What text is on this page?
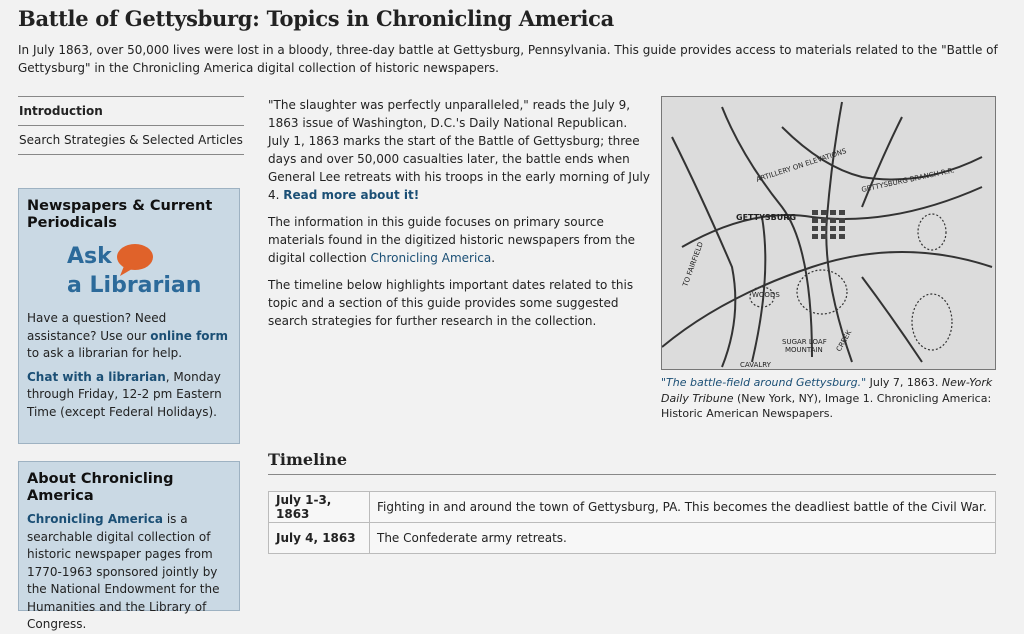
Battle of Gettysburg: Topics in Chronicling America

In July 1863, over 50,000 lives were lost in a bloody, three-day battle at Gettysburg, Pennsylvania. This guide provides access to materials related to the "Battle of Gettysburg" in the Chronicling America digital collection of historic newspapers.

Introduction
Search Strategies & Selected Articles
Newspapers & Current Periodicals
Ask
a Librarian

Have a question? Need assistance? Use our online form to ask a librarian for help.

Chat with a librarian, Monday through Friday, 12-2 pm Eastern Time (except Federal Holidays).

About Chronicling America

Chronicling America is a searchable digital collection of historic newspaper pages from 1770-1963 sponsored jointly by the National Endowment for the Humanities and the Library of Congress.

"The slaughter was perfectly unparalleled," reads the July 9, 1863 issue of Washington, D.C.'s Daily National Republican. July 1, 1863 marks the start of the Battle of Gettysburg; three days and over 50,000 casualties later, the battle ends when General Lee retreats with his troops in the early morning of July 4. Read more about it!

The information in this guide focuses on primary source materials found in the digitized historic newspapers from the digital collection Chronicling America.

The timeline below highlights important dates related to this topic and a section of this guide provides some suggested search strategies for further research in the collection.

GETTYSBURG
GETTYSBURG BRANCH R.R.
SUGAR LOAF
MOUNTAIN
WOODS
CAVALRY
CREEK
TO FAIRFIELD
ARTILLERY ON ELEVATIONS
"The battle-field around Gettysburg." July 7, 1863. New-York Daily Tribune (New York, NY), Image 1. Chronicling America: Historic American Newspapers.
Timeline
July 1-3, 1863	Fighting in and around the town of Gettysburg, PA. This becomes the deadliest battle of the Civil War.
July 4, 1863	The Confederate army retreats.
